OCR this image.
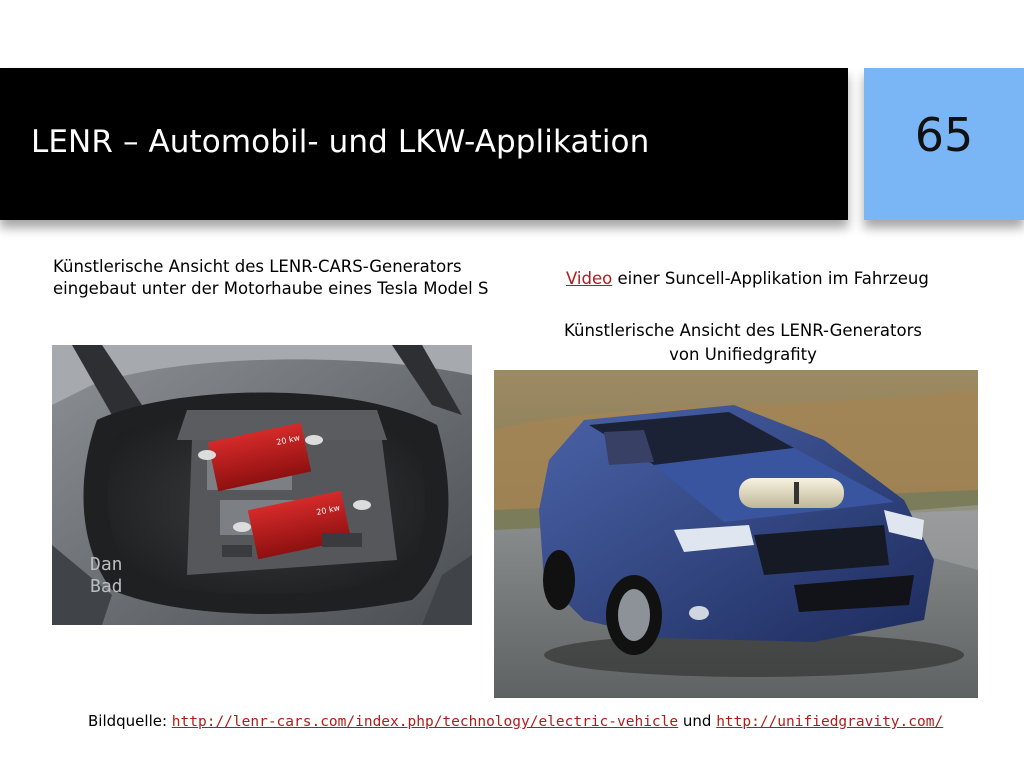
LENR – Automobil- und LKW-Applikation	65
Künstlerische Ansicht des LENR-CARS-Generators eingebaut unter der Motorhaube eines Tesla Model S
Video einer Suncell-Applikation im Fahrzeug
Künstlerische Ansicht des LENR-Generators von Unifiedgrafity
20 kw
20 kw
Dan
Bad
Bildquelle: http://lenr-cars.com/index.php/technology/electric-vehicle und http://unifiedgravity.com/
